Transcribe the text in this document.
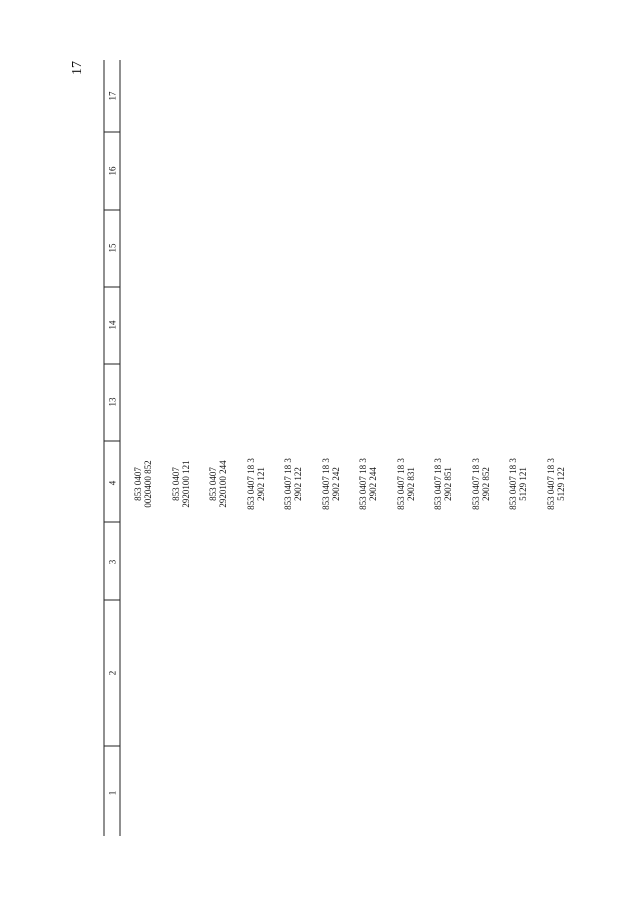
17
1
2
3
4
13
14
15
16
17
853 0407 0020400 852 853 0407 2920100 121 853 0407 2920100 244 853 0407 18 3 2902 121 853 0407 18 3 2902 122 853 0407 18 3 2902 242 853 0407 18 3 2902 244 853 0407 18 3 2902 831 853 0407 18 3 2902 851 853 0407 18 3 2902 852 853 0407 18 3 5129 121 853 0407 18 3 5129 122
